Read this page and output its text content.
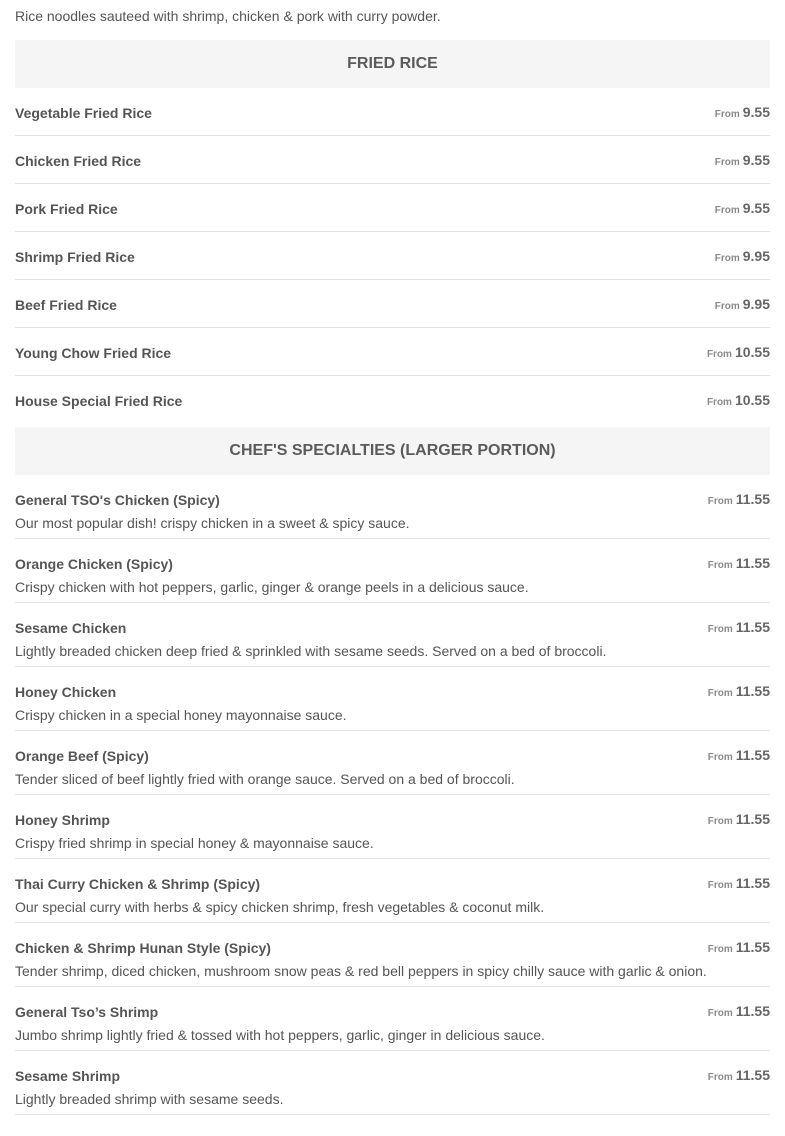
Rice noodles sauteed with shrimp, chicken & pork with curry powder.
FRIED RICE
Vegetable Fried Rice	From 9.55
Chicken Fried Rice	From 9.55
Pork Fried Rice	From 9.55
Shrimp Fried Rice	From 9.95
Beef Fried Rice	From 9.95
Young Chow Fried Rice	From 10.55
House Special Fried Rice	From 10.55
CHEF'S SPECIALTIES (LARGER PORTION)
General TSO's Chicken (Spicy)	From 11.55
Our most popular dish! crispy chicken in a sweet & spicy sauce.
Orange Chicken (Spicy)	From 11.55
Crispy chicken with hot peppers, garlic, ginger & orange peels in a delicious sauce.
Sesame Chicken	From 11.55
Lightly breaded chicken deep fried & sprinkled with sesame seeds. Served on a bed of broccoli.
Honey Chicken	From 11.55
Crispy chicken in a special honey mayonnaise sauce.
Orange Beef (Spicy)	From 11.55
Tender sliced of beef lightly fried with orange sauce. Served on a bed of broccoli.
Honey Shrimp	From 11.55
Crispy fried shrimp in special honey & mayonnaise sauce.
Thai Curry Chicken & Shrimp (Spicy)	From 11.55
Our special curry with herbs & spicy chicken shrimp, fresh vegetables & coconut milk.
Chicken & Shrimp Hunan Style (Spicy)	From 11.55
Tender shrimp, diced chicken, mushroom snow peas & red bell peppers in spicy chilly sauce with garlic & onion.
General Tso’s Shrimp	From 11.55
Jumbo shrimp lightly fried & tossed with hot peppers, garlic, ginger in delicious sauce.
Sesame Shrimp	From 11.55
Lightly breaded shrimp with sesame seeds.
